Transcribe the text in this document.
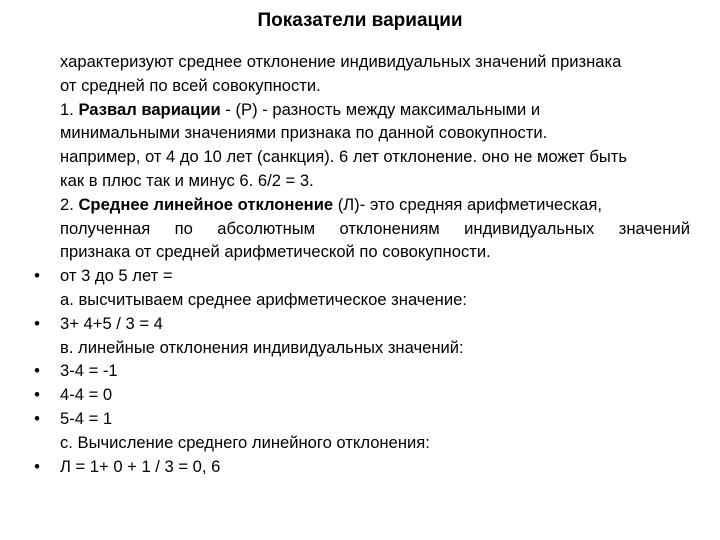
Показатели вариации
характеризуют среднее отклонение индивидуальных значений признака
от средней по всей совокупности.
1. Развал вариации - (Р) - разность между максимальными и
минимальными значениями признака по данной совокупности.
например, от 4 до 10 лет (санкция). 6 лет отклонение. оно не может быть
как в плюс так и минус 6. 6/2 = 3.
2. Среднее линейное отклонение (Л)- это средняя арифметическая,
полученная по абсолютным отклонениям индивидуальных значений
признака от средней арифметической по совокупности.
• от 3 до 5 лет =
а. высчитываем среднее арифметическое значение:
• 3+ 4+5 / 3 = 4
в. линейные отклонения индивидуальных значений:
• 3-4 = -1
• 4-4 = 0
• 5-4 = 1
с. Вычисление среднего линейного отклонения:
• Л = 1+ 0 + 1 / 3 = 0, 6
